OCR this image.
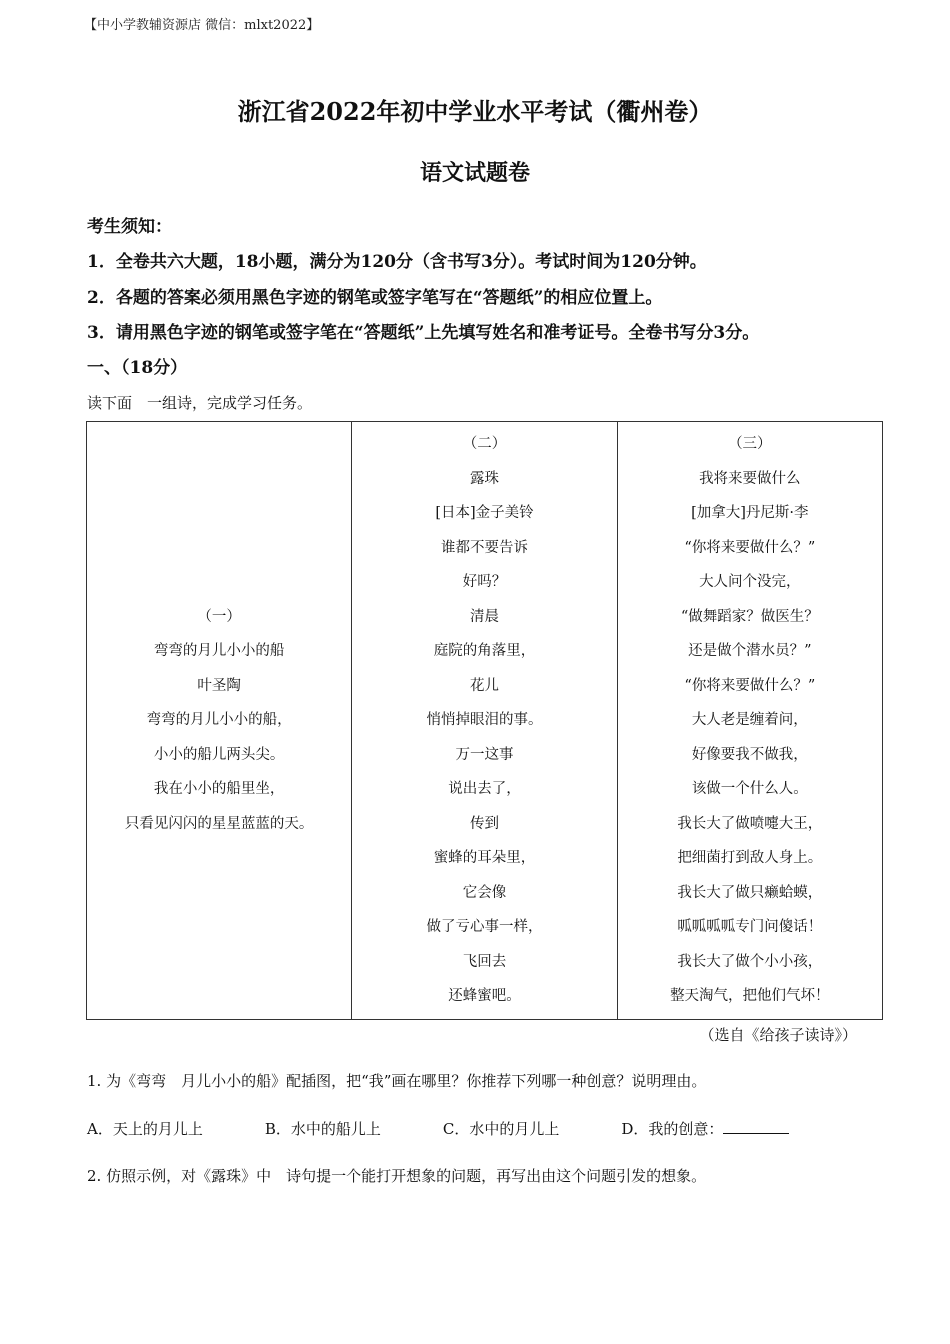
【中小学教辅资源店 微信：mlxt2022】
浙江省2022年初中学业水平考试（衢州卷）
语文试题卷
考生须知：
1．全卷共六大题，18小题，满分为120分（含书写3分）。考试时间为120分钟。
2．各题的答案必须用黑色字迹的钢笔或签字笔写在“答题纸”的相应位置上。
3．请用黑色字迹的钢笔或签字笔在“答题纸”上先填写姓名和准考证号。全卷书写分3分。
一、（18分）
读下面　一组诗，完成学习任务。
（一）
弯弯的月儿小小的船
叶圣陶
弯弯的月儿小小的船，
小小的船儿两头尖。
我在小小的船里坐，
只看见闪闪的星星蓝蓝的天。
（二）
露珠
[日本]金子美铃
谁都不要告诉
好吗？
清晨
庭院的角落里，
花儿
悄悄掉眼泪的事。
万一这事
说出去了，
传到
蜜蜂的耳朵里，
它会像
做了亏心事一样，
飞回去
还蜂蜜吧。
（三）
我将来要做什么
[加拿大]丹尼斯·李
“你将来要做什么？”
大人问个没完，
“做舞蹈家？做医生？
还是做个潜水员？”
“你将来要做什么？”
大人老是缠着问，
好像要我不做我，
该做一个什么人。
我长大了做喷嚏大王，
把细菌打到敌人身上。
我长大了做只癞蛤蟆，
呱呱呱呱专门问傻话！
我长大了做个小小孩，
整天淘气，把他们气坏！
（选自《给孩子读诗》）
1. 为《弯弯　月儿小小的船》配插图，把“我”画在哪里？你推荐下列哪一种创意？说明理由。
A．天上的月儿上	B．水中的船儿上	C．水中的月儿上	D．我的创意：
2. 仿照示例，对《露珠》中　诗句提一个能打开想象的问题，再写出由这个问题引发的想象。
